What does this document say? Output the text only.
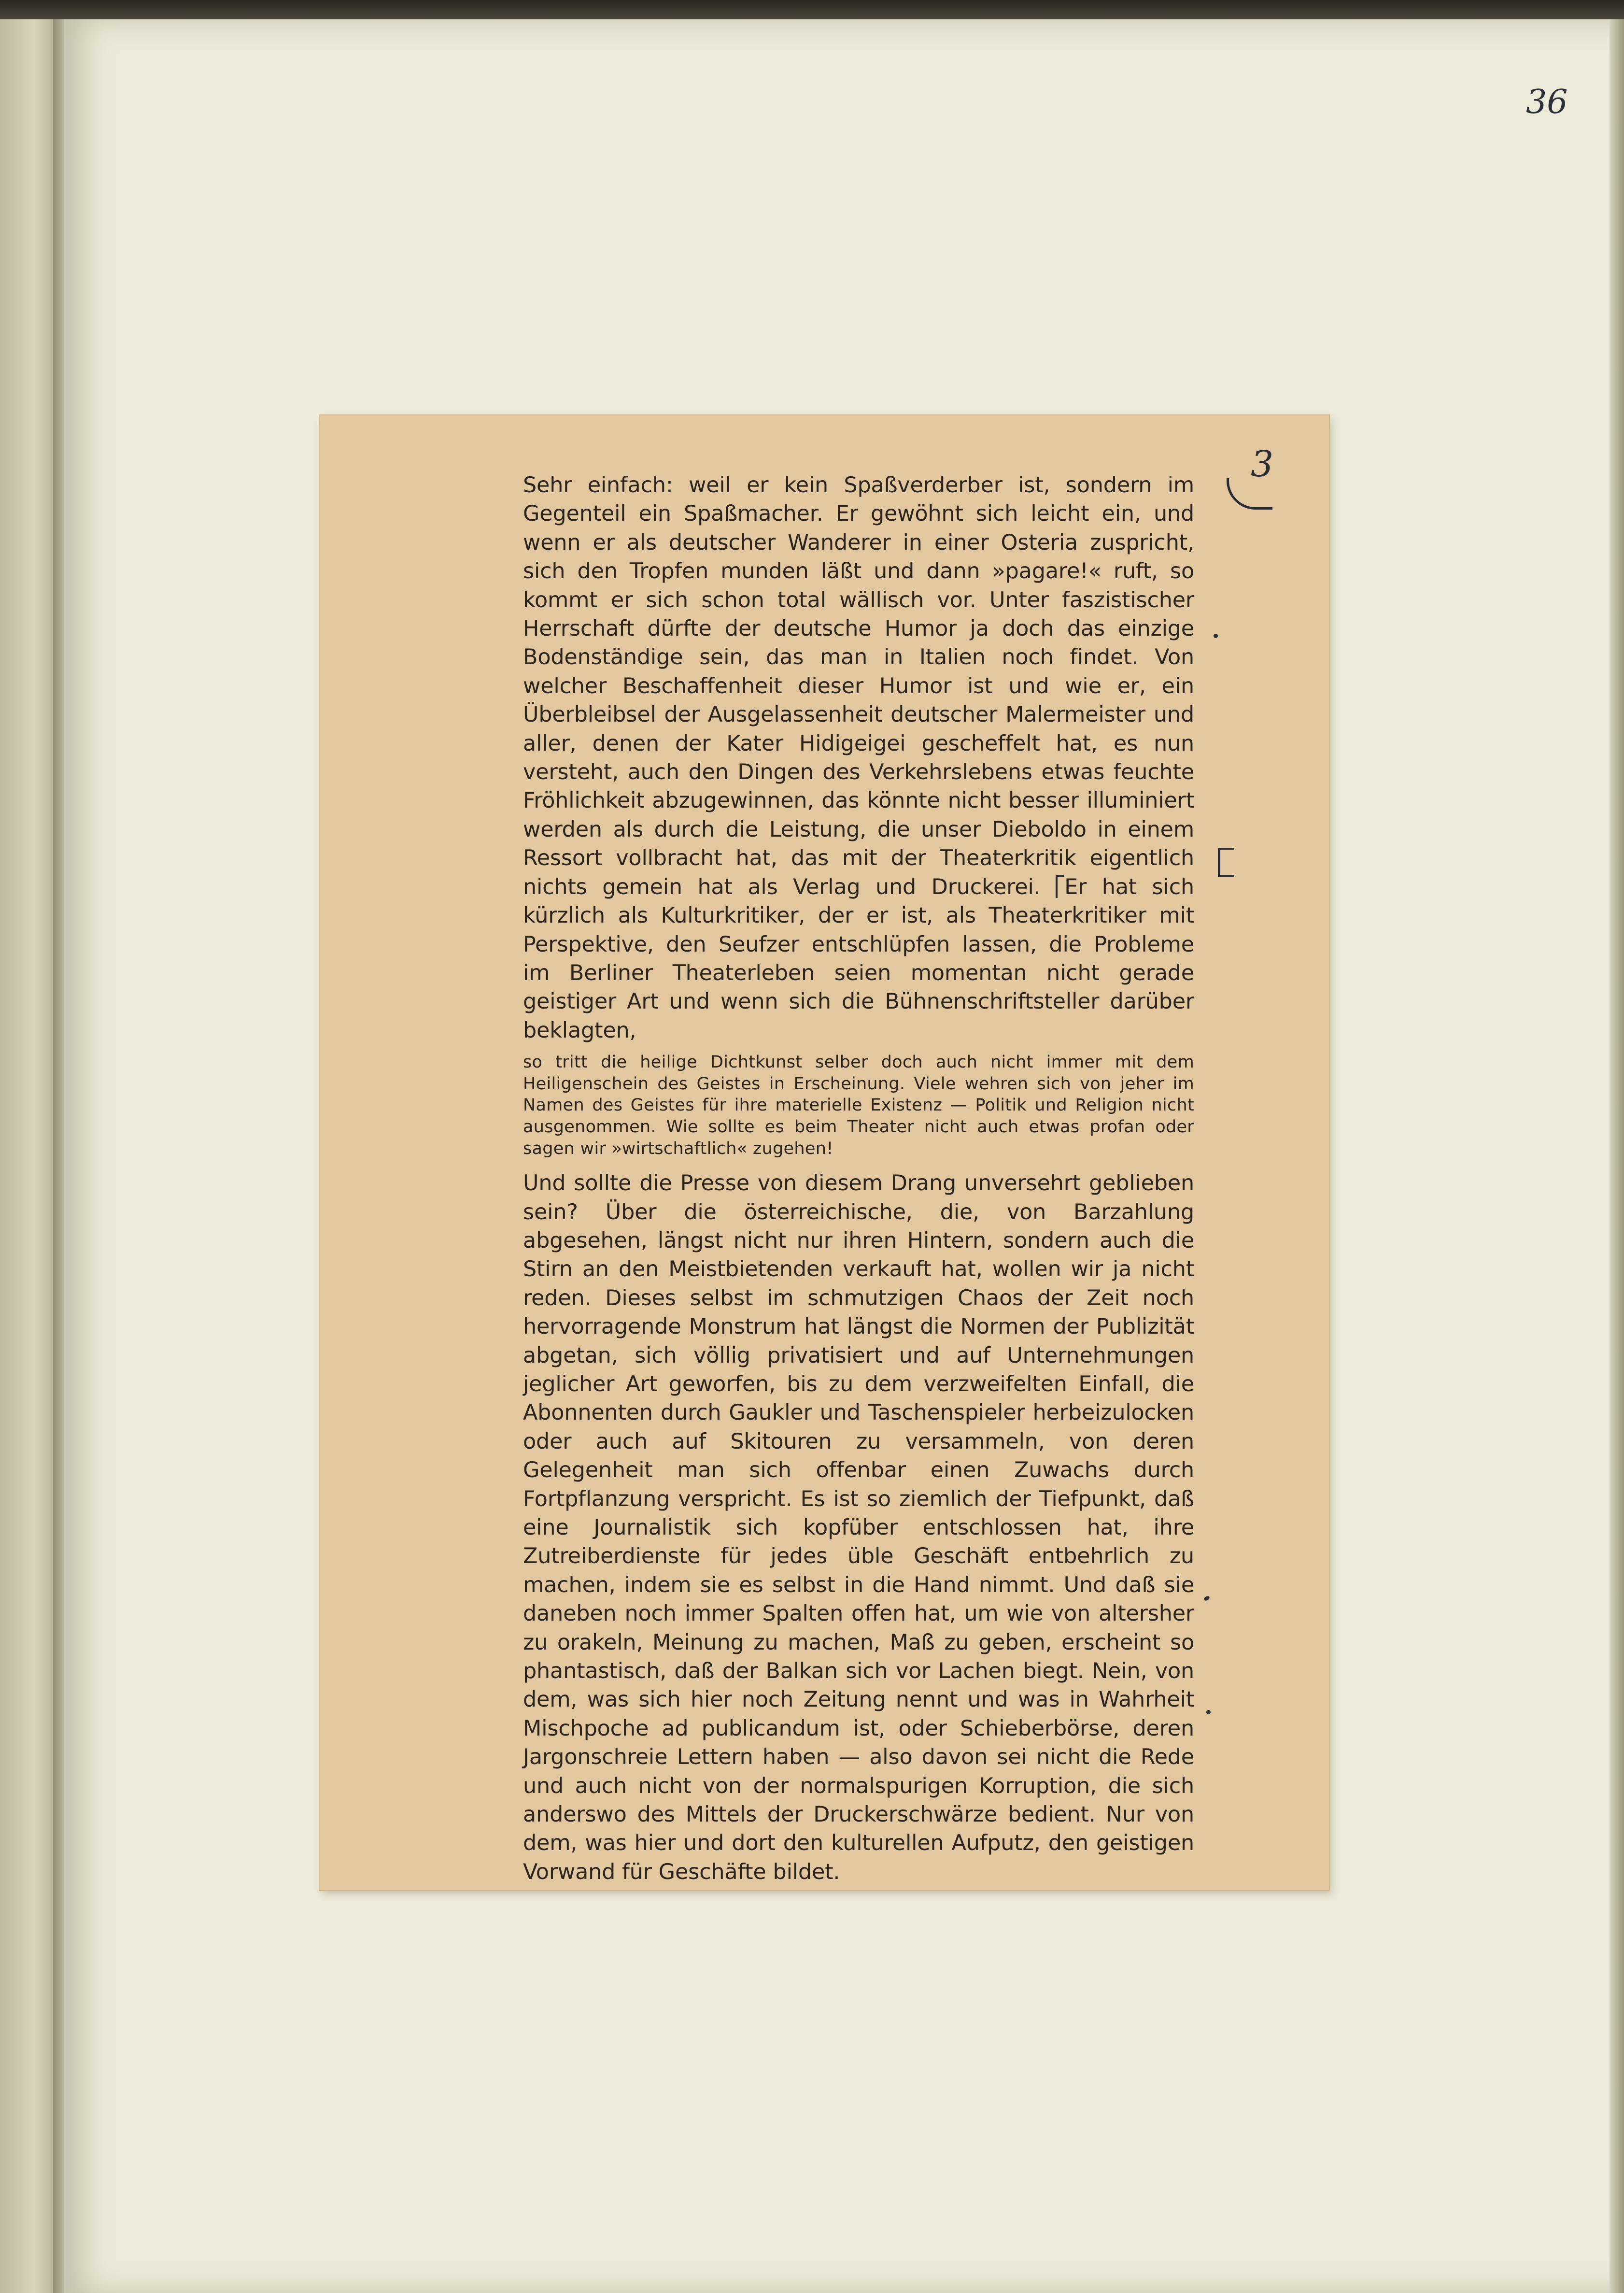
36
3

Sehr einfach: weil er kein Spaßverderber ist, sondern im Gegenteil ein Spaßmacher. Er gewöhnt sich leicht ein, und wenn er als deutscher Wanderer in einer Osteria zuspricht, sich den Tropfen munden läßt und dann »pagare!« ruft, so kommt er sich schon total wällisch vor. Unter faszistischer Herrschaft dürfte der deutsche Humor ja doch das einzige Bodenständige sein, das man in Italien noch findet. Von welcher Beschaffenheit dieser Humor ist und wie er, ein Überbleibsel der Ausgelassenheit deutscher Malermeister und aller, denen der Kater Hidigeigei gescheffelt hat, es nun versteht, auch den Dingen des Verkehrslebens etwas feuchte Fröhlichkeit abzugewinnen, das könnte nicht besser illuminiert werden als durch die Leistung, die unser Dieboldo in einem Ressort vollbracht hat, das mit der Theaterkritik eigentlich nichts gemein hat als Verlag und Druckerei. Er hat sich kürzlich als Kulturkritiker, der er ist, als Theaterkritiker mit Perspektive, den Seufzer entschlüpfen lassen, die Probleme im Berliner Theaterleben seien momentan nicht gerade geistiger Art und wenn sich die Bühnenschriftsteller darüber beklagten,

so tritt die heilige Dichtkunst selber doch auch nicht immer mit dem Heiligenschein des Geistes in Erscheinung. Viele wehren sich von jeher im Namen des Geistes für ihre materielle Existenz — Politik und Religion nicht ausgenommen. Wie sollte es beim Theater nicht auch etwas profan oder sagen wir »wirtschaftlich« zugehen!

Und sollte die Presse von diesem Drang unversehrt geblieben sein? Über die österreichische, die, von Barzahlung abgesehen, längst nicht nur ihren Hintern, sondern auch die Stirn an den Meistbietenden verkauft hat, wollen wir ja nicht reden. Dieses selbst im schmutzigen Chaos der Zeit noch hervorragende Monstrum hat längst die Normen der Publizität abgetan, sich völlig privatisiert und auf Unternehmungen jeglicher Art geworfen, bis zu dem verzweifelten Einfall, die Abonnenten durch Gaukler und Taschenspieler herbeizulocken oder auch auf Skitouren zu versammeln, von deren Gelegenheit man sich offenbar einen Zuwachs durch Fortpflanzung verspricht. Es ist so ziemlich der Tiefpunkt, daß eine Journalistik sich kopfüber entschlossen hat, ihre Zutreiberdienste für jedes üble Geschäft entbehrlich zu machen, indem sie es selbst in die Hand nimmt. Und daß sie daneben noch immer Spalten offen hat, um wie von altersher zu orakeln, Meinung zu machen, Maß zu geben, erscheint so phantastisch, daß der Balkan sich vor Lachen biegt. Nein, von dem, was sich hier noch Zeitung nennt und was in Wahrheit Mischpoche ad publicandum ist, oder Schieberbörse, deren Jargonschreie Lettern haben — also davon sei nicht die Rede und auch nicht von der normalspurigen Korruption, die sich anderswo des Mittels der Druckerschwärze bedient. Nur von dem, was hier und dort den kulturellen Aufputz, den geistigen Vorwand für Geschäfte bildet.
